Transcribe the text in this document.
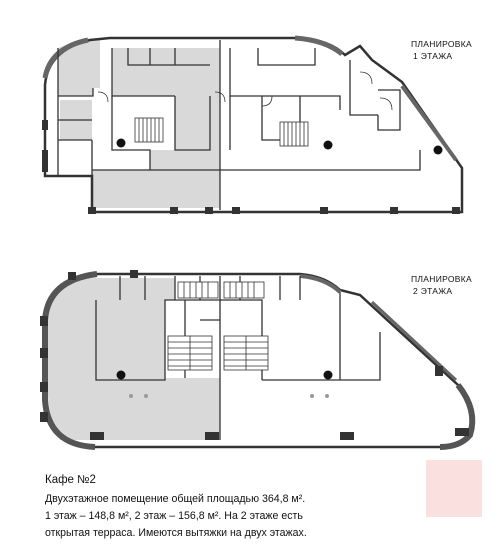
ПЛАНИРОВКА
1 ЭТАЖА
ПЛАНИРОВКА
2 ЭТАЖА
Кафе №2
Двухэтажное помещение общей площадью 364,8 м².
1 этаж – 148,8 м², 2 этаж – 156,8 м². На 2 этаже есть
открытая терраса. Имеются вытяжки на двух этажах.
